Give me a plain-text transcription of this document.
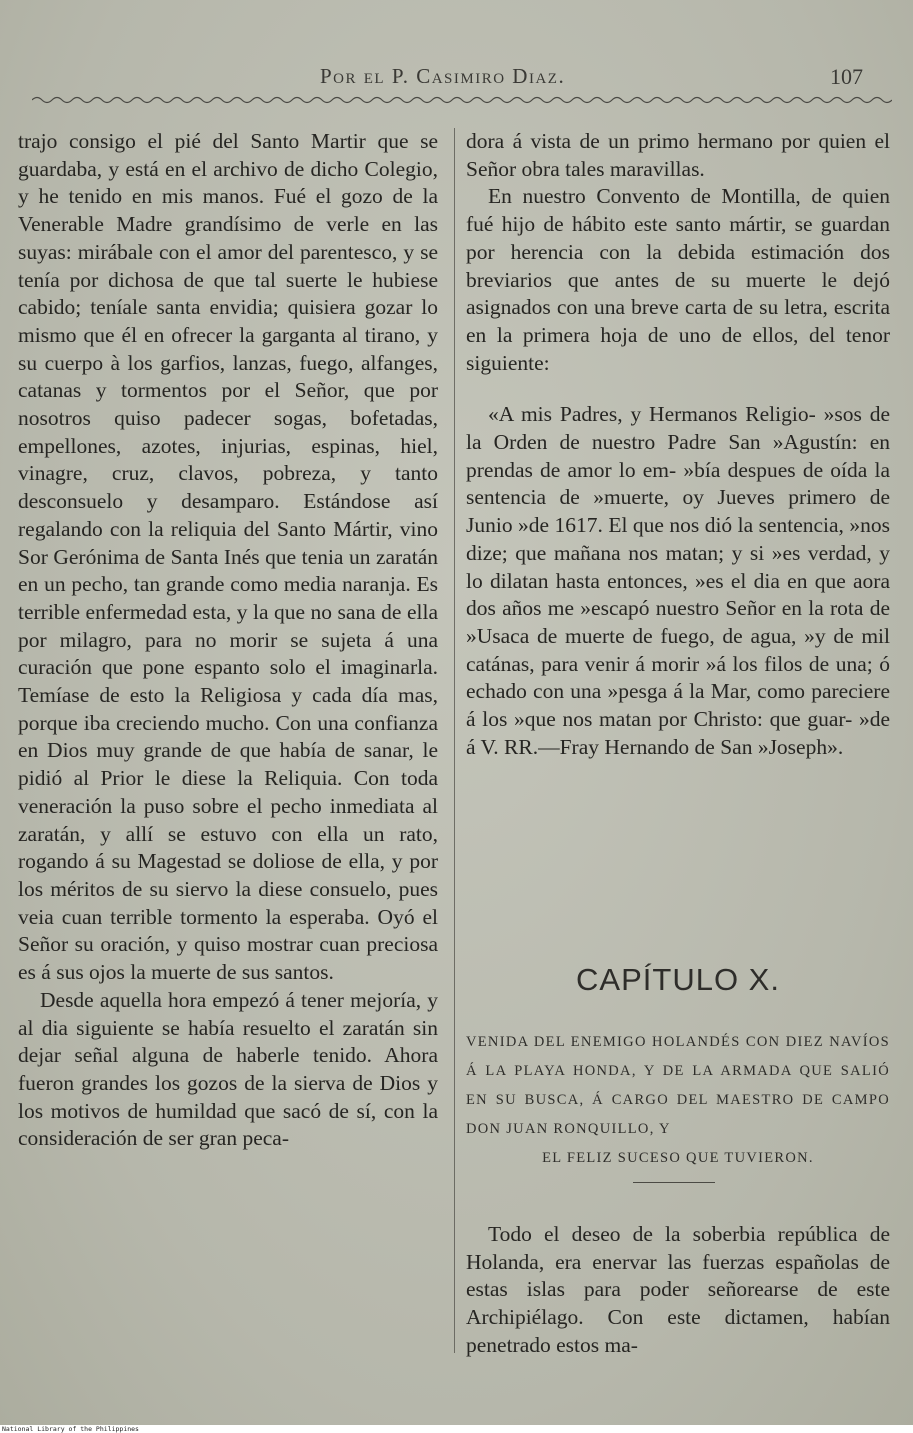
Por el P. Casimiro Diaz.	107

trajo consigo el pié del Santo Martir que se guardaba, y está en el archivo de dicho Colegio, y he tenido en mis manos. Fué el gozo de la Venerable Madre grandísimo de verle en las suyas: mirábale con el amor del parentesco, y se tenía por dichosa de que tal suerte le hubiese cabido; teníale santa envidia; quisiera gozar lo mismo que él en ofrecer la garganta al tirano, y su cuerpo à los garfios, lanzas, fuego, alfanges, catanas y tormentos por el Señor, que por nosotros quiso padecer sogas, bofetadas, empellones, azotes, injurias, espinas, hiel, vinagre, cruz, clavos, pobreza, y tanto desconsuelo y desamparo. Estándose así regalando con la reliquia del Santo Mártir, vino Sor Gerónima de Santa Inés que tenia un zaratán en un pecho, tan grande como media naranja. Es terrible enfermedad esta, y la que no sana de ella por milagro, para no morir se sujeta á una curación que pone espanto solo el imaginarla. Temíase de esto la Religiosa y cada día mas, porque iba creciendo mucho. Con una confianza en Dios muy grande de que había de sanar, le pidió al Prior le diese la Reliquia. Con toda veneración la puso sobre el pecho inmediata al zaratán, y allí se estuvo con ella un rato, rogando á su Magestad se doliose de ella, y por los méritos de su siervo la diese consuelo, pues veia cuan terrible tormento la esperaba. Oyó el Señor su oración, y quiso mostrar cuan preciosa es á sus ojos la muerte de sus santos.

Desde aquella hora empezó á tener mejoría, y al dia siguiente se había resuelto el zaratán sin dejar señal alguna de haberle tenido. Ahora fueron grandes los gozos de la sierva de Dios y los motivos de humildad que sacó de sí, con la consideración de ser gran peca-

dora á vista de un primo hermano por quien el Señor obra tales maravillas.

En nuestro Convento de Montilla, de quien fué hijo de hábito este santo mártir, se guardan por herencia con la debida estimación dos breviarios que antes de su muerte le dejó asignados con una breve carta de su letra, escrita en la primera hoja de uno de ellos, del tenor siguiente:

«A mis Padres, y Hermanos Religio- »sos de la Orden de nuestro Padre San »Agustín: en prendas de amor lo em- »bía despues de oída la sentencia de »muerte, oy Jueves primero de Junio »de 1617. El que nos dió la sentencia, »nos dize; que mañana nos matan; y si »es verdad, y lo dilatan hasta entonces, »es el dia en que aora dos años me »escapó nuestro Señor en la rota de »Usaca de muerte de fuego, de agua, »y de mil catánas, para venir á morir »á los filos de una; ó echado con una »pesga á la Mar, como pareciere á los »que nos matan por Christo: que guar- »de á V. RR.—Fray Hernando de San »Joseph».

CAPÍTULO X.
VENIDA DEL ENEMIGO HOLANDÉS CON DIEZ NAVÍOS Á LA PLAYA HONDA, Y DE LA ARMADA QUE SALIÓ EN SU BUSCA, Á CARGO DEL MAESTRO DE CAMPO DON JUAN RONQUILLO, Y
EL FELIZ SUCESO QUE TUVIERON.

Todo el deseo de la soberbia república de Holanda, era enervar las fuerzas españolas de estas islas para poder señorearse de este Archipiélago. Con este dictamen, habían penetrado estos ma-

National Library of the Philippines
